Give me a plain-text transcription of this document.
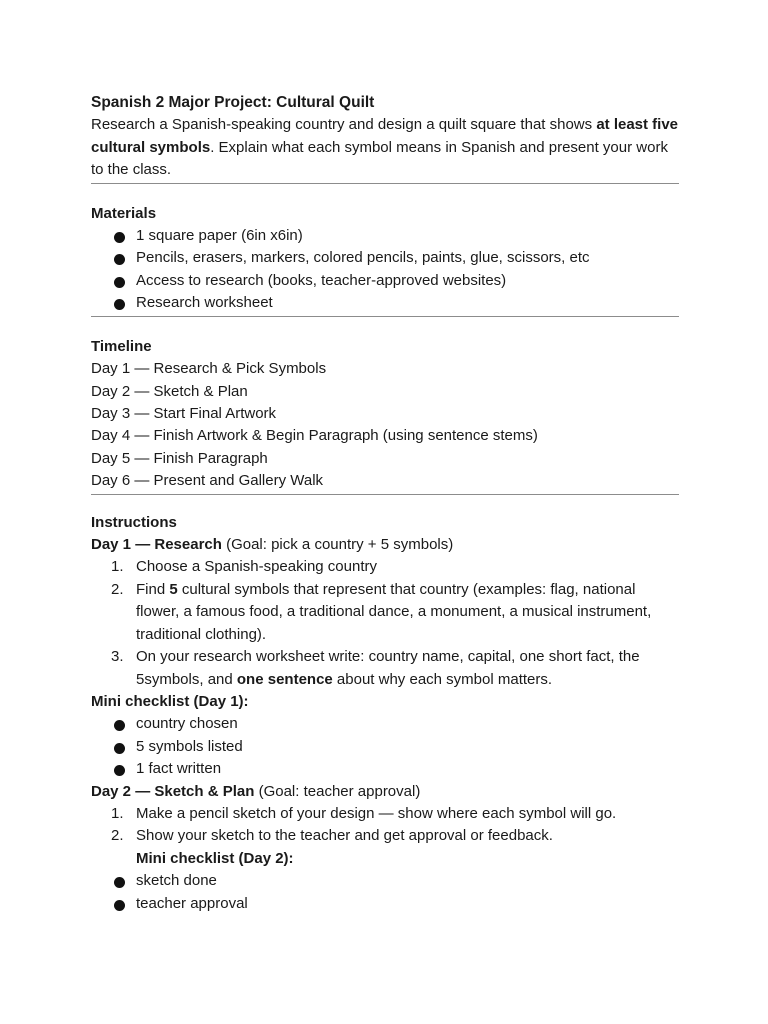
Spanish 2 Major Project: Cultural Quilt
Research a Spanish-speaking country and design a quilt square that shows at least five cultural symbols. Explain what each symbol means in Spanish and present your work to the class.
Materials
1 square paper (6in x6in)
Pencils, erasers, markers, colored pencils, paints, glue, scissors, etc
Access to research (books, teacher-approved websites)
Research worksheet
Timeline
Day 1 — Research & Pick Symbols
Day 2 — Sketch & Plan
Day 3 — Start Final Artwork
Day 4 — Finish Artwork & Begin Paragraph (using sentence stems)
Day 5 — Finish Paragraph
Day 6 — Present and Gallery Walk
Instructions
Day 1 — Research (Goal: pick a country + 5 symbols)
1. Choose a Spanish-speaking country
2. Find 5 cultural symbols that represent that country (examples: flag, national flower, a famous food, a traditional dance, a monument, a musical instrument, traditional clothing).
3. On your research worksheet write: country name, capital, one short fact, the 5symbols, and one sentence about why each symbol matters.
Mini checklist (Day 1):
country chosen
5 symbols listed
1 fact written
Day 2 — Sketch & Plan (Goal: teacher approval)
1. Make a pencil sketch of your design — show where each symbol will go.
2. Show your sketch to the teacher and get approval or feedback.
Mini checklist (Day 2):
sketch done
teacher approval
